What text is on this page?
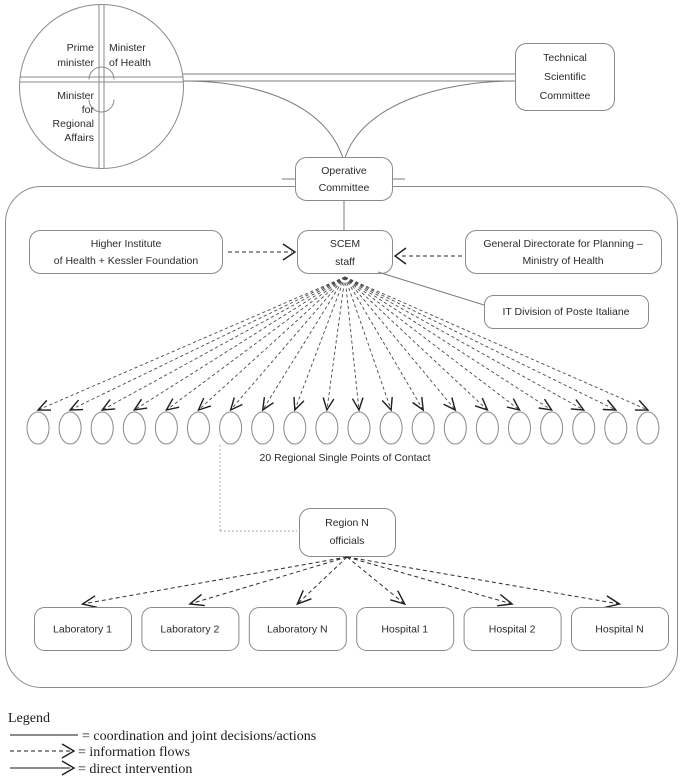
Prime
minister
Minister
of Health
Minister
for
Regional
Affairs
Technical
Scientific
Committee
Operative
Committee
Higher Institute
of Health + Kessler Foundation
SCEM
staff
General Directorate for Planning –
Ministry of Health
IT Division of Poste Italiane
20 Regional Single Points of Contact
Region N
officials
Laboratory 1	Laboratory 2	Laboratory N	Hospital 1	Hospital 2	Hospital N
Legend
= coordination and joint decisions/actions
= information flows
= direct intervention
